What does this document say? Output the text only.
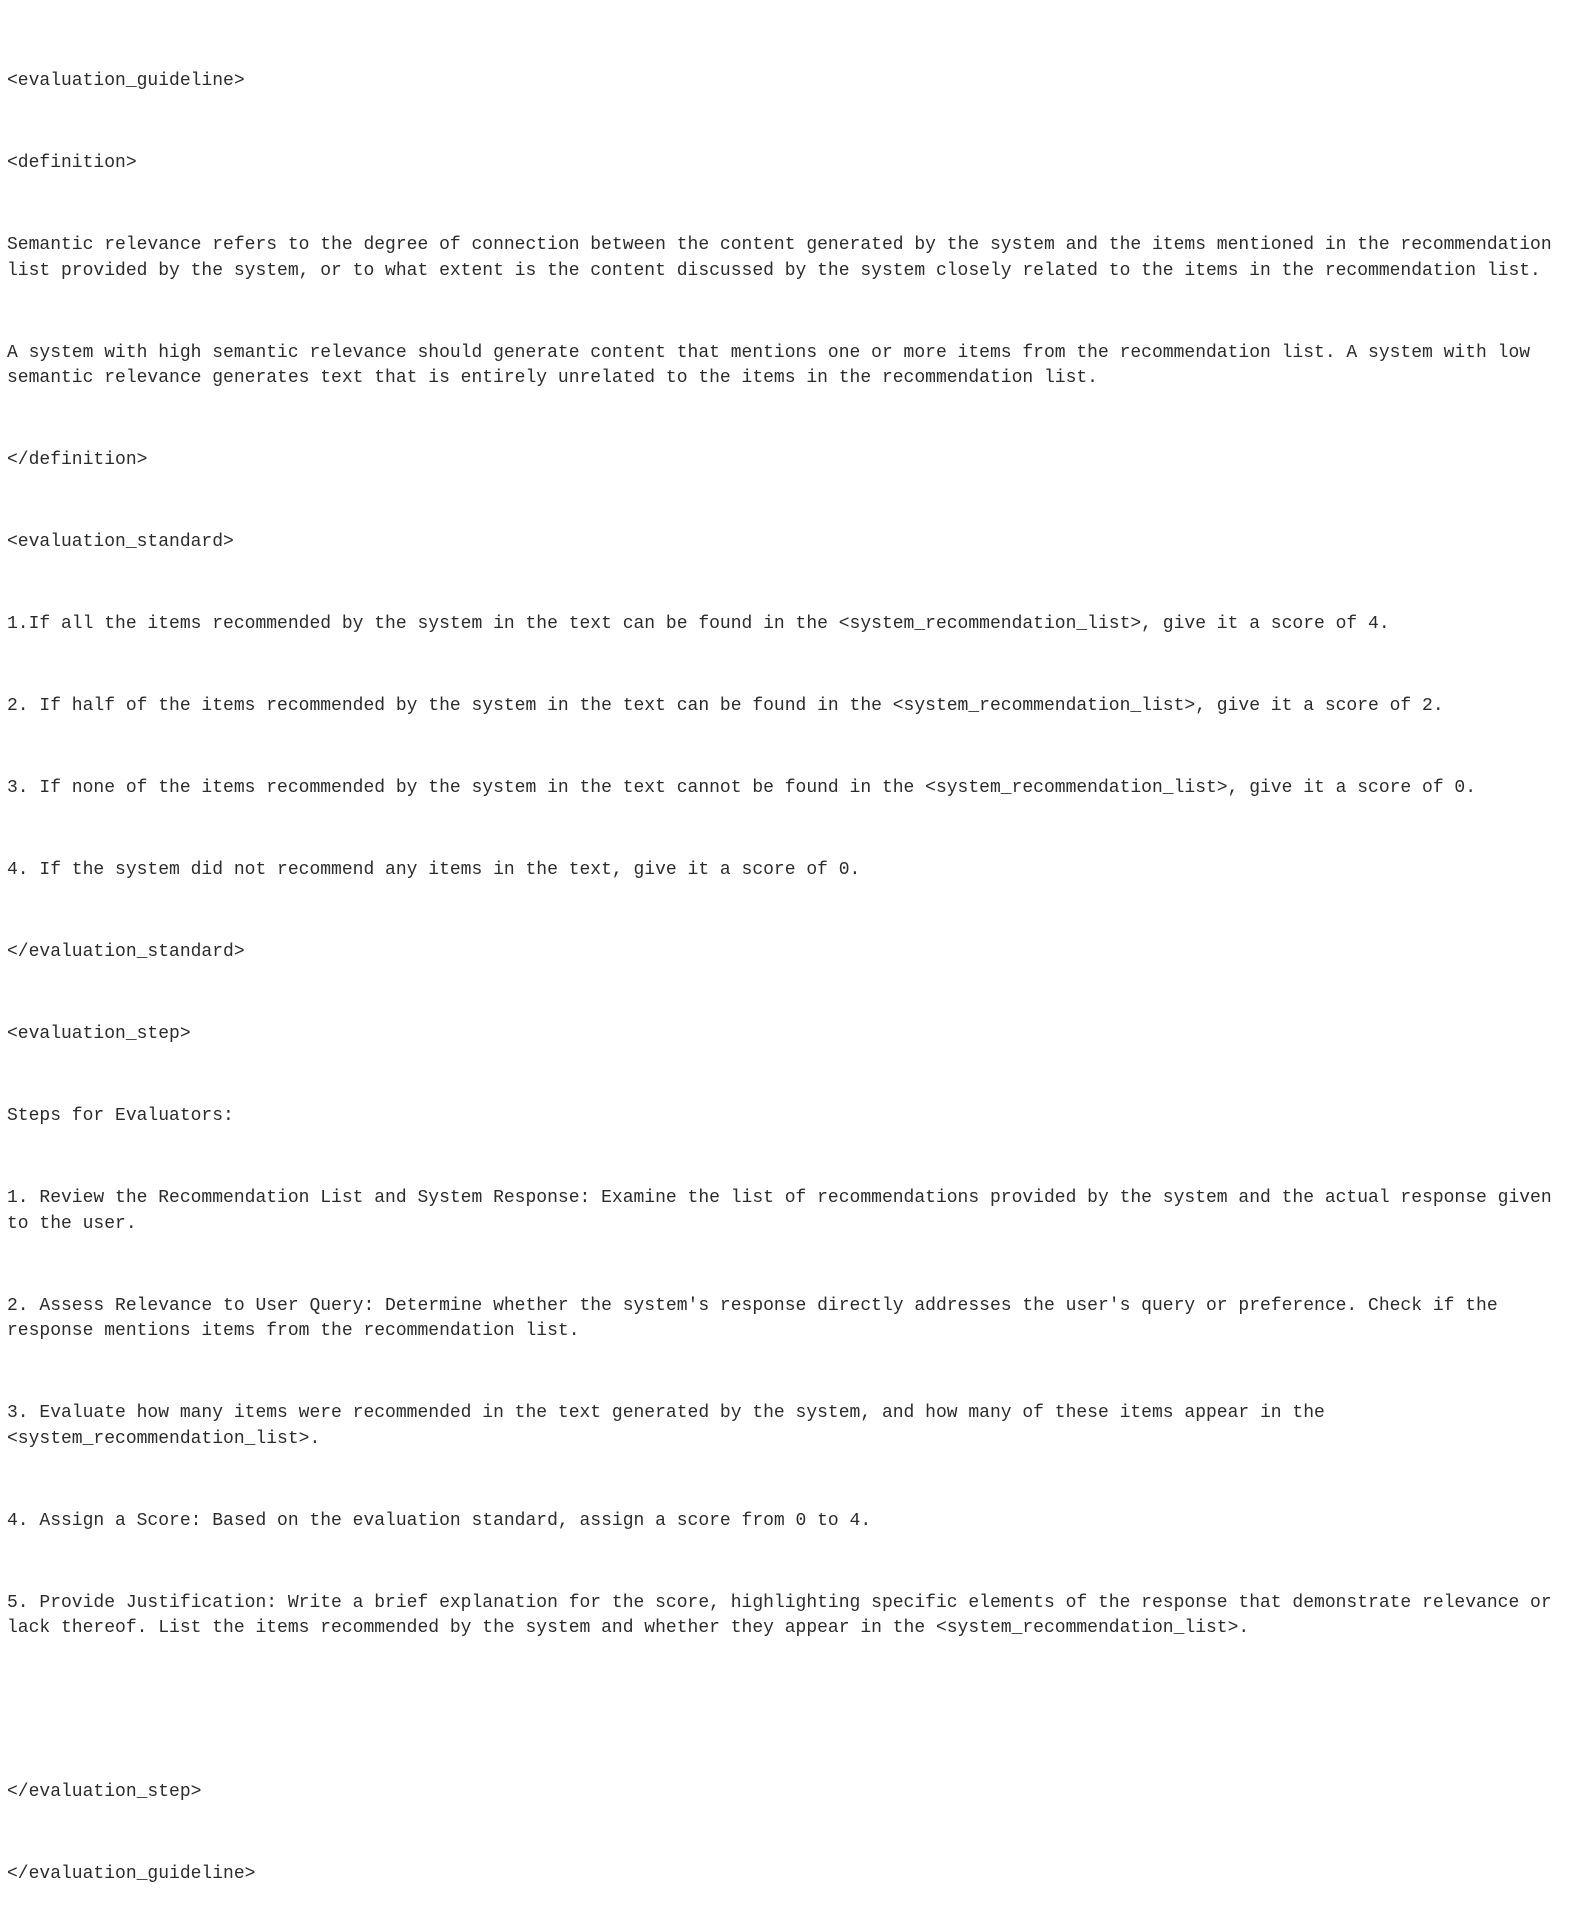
<evaluation_guideline>

<definition>

Semantic relevance refers to the degree of connection between the content generated by the system and the items mentioned in the recommendation list provided by the system, or to what extent is the content discussed by the system closely related to the items in the recommendation list.

A system with high semantic relevance should generate content that mentions one or more items from the recommendation list. A system with low semantic relevance generates text that is entirely unrelated to the items in the recommendation list.

</definition>

<evaluation_standard>

1.If all the items recommended by the system in the text can be found in the <system_recommendation_list>, give it a score of 4.

2. If half of the items recommended by the system in the text can be found in the <system_recommendation_list>, give it a score of 2.

3. If none of the items recommended by the system in the text cannot be found in the <system_recommendation_list>, give it a score of 0.

4. If the system did not recommend any items in the text, give it a score of 0.

</evaluation_standard>

<evaluation_step>

Steps for Evaluators:

1. Review the Recommendation List and System Response: Examine the list of recommendations provided by the system and the actual response given to the user.

2. Assess Relevance to User Query: Determine whether the system's response directly addresses the user's query or preference. Check if the response mentions items from the recommendation list.

3. Evaluate how many items were recommended in the text generated by the system, and how many of these items appear in the <system_recommendation_list>.

4. Assign a Score: Based on the evaluation standard, assign a score from 0 to 4.

5. Provide Justification: Write a brief explanation for the score, highlighting specific elements of the response that demonstrate relevance or lack thereof. List the items recommended by the system and whether they appear in the <system_recommendation_list>.

</evaluation_step>

</evaluation_guideline>
